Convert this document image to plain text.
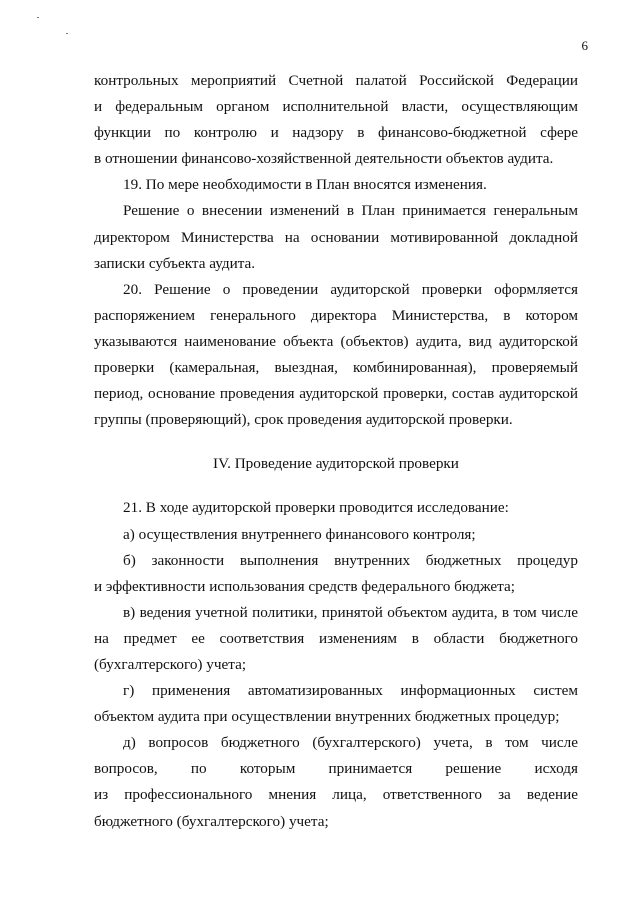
6

контрольных мероприятий Счетной палатой Российской Федерации
и федеральным органом исполнительной власти, осуществляющим
функции по контролю и надзору в финансово-бюджетной сфере
в отношении финансово-хозяйственной деятельности объектов аудита.

19. По мере необходимости в План вносятся изменения.

Решение о внесении изменений в План принимается генеральным
директором Министерства на основании мотивированной докладной
записки субъекта аудита.

20. Решение о проведении аудиторской проверки оформляется
распоряжением генерального директора Министерства, в котором
указываются наименование объекта (объектов) аудита, вид аудиторской
проверки (камеральная, выездная, комбинированная), проверяемый
период, основание проведения аудиторской проверки, состав аудиторской
группы (проверяющий), срок проведения аудиторской проверки.

IV. Проведение аудиторской проверки

21. В ходе аудиторской проверки проводится исследование:

а) осуществления внутреннего финансового контроля;

б) законности выполнения внутренних бюджетных процедур
и эффективности использования средств федерального бюджета;

в) ведения учетной политики, принятой объектом аудита, в том числе
на предмет ее соответствия изменениям в области бюджетного
(бухгалтерского) учета;

г) применения автоматизированных информационных систем
объектом аудита при осуществлении внутренних бюджетных процедур;

д) вопросов бюджетного (бухгалтерского) учета, в том числе
вопросов, по которым принимается решение исходя
из профессионального мнения лица, ответственного за ведение
бюджетного (бухгалтерского) учета;
